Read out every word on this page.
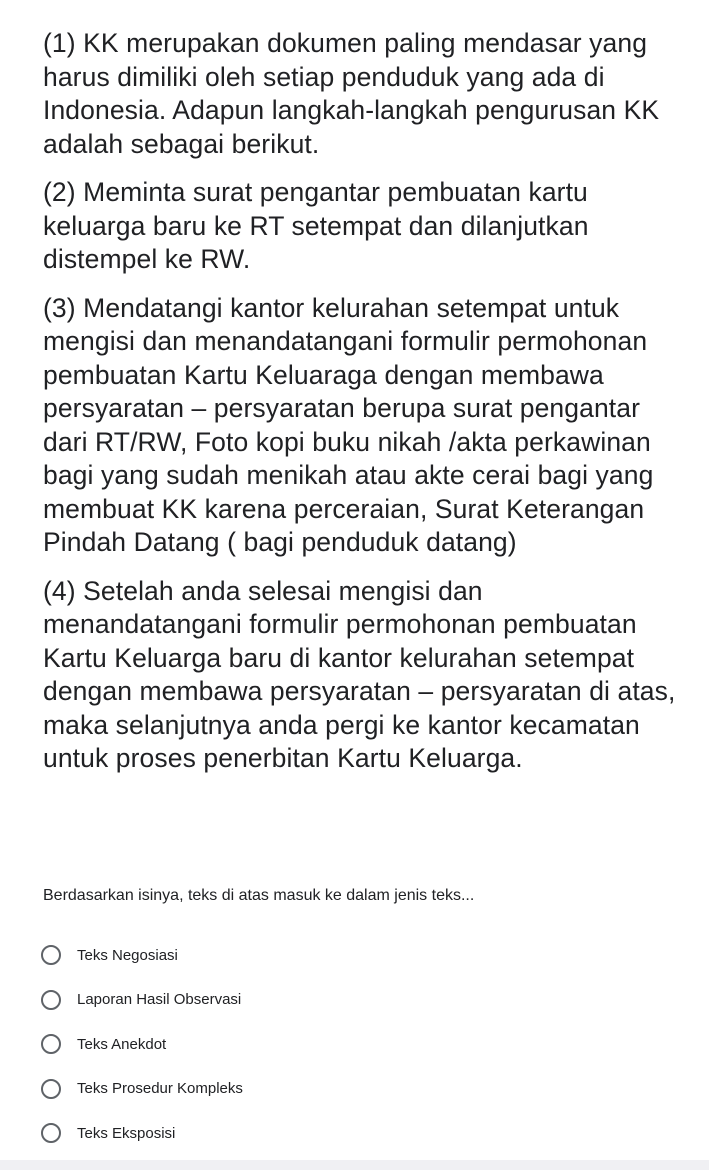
(1) KK merupakan dokumen paling mendasar yang harus dimiliki oleh setiap penduduk yang ada di Indonesia. Adapun langkah-langkah pengurusan KK adalah sebagai berikut.

(2) Meminta surat pengantar pembuatan kartu keluarga baru ke RT setempat dan dilanjutkan distempel ke RW.

(3) Mendatangi kantor kelurahan setempat untuk mengisi dan menandatangani formulir permohonan pembuatan Kartu Keluaraga dengan membawa persyaratan – persyaratan berupa surat pengantar dari RT/RW, Foto kopi buku nikah /akta perkawinan bagi yang sudah menikah atau akte cerai bagi yang membuat KK karena perceraian, Surat Keterangan Pindah Datang ( bagi penduduk datang)

(4) Setelah anda selesai mengisi dan menandatangani formulir permohonan pembuatan Kartu Keluarga baru di kantor kelurahan setempat dengan membawa persyaratan – persyaratan di atas, maka selanjutnya anda pergi ke kantor kecamatan untuk proses penerbitan Kartu Keluarga.

Berdasarkan isinya, teks di atas masuk ke dalam jenis teks...
Teks Negosiasi
Laporan Hasil Observasi
Teks Anekdot
Teks Prosedur Kompleks
Teks Eksposisi
